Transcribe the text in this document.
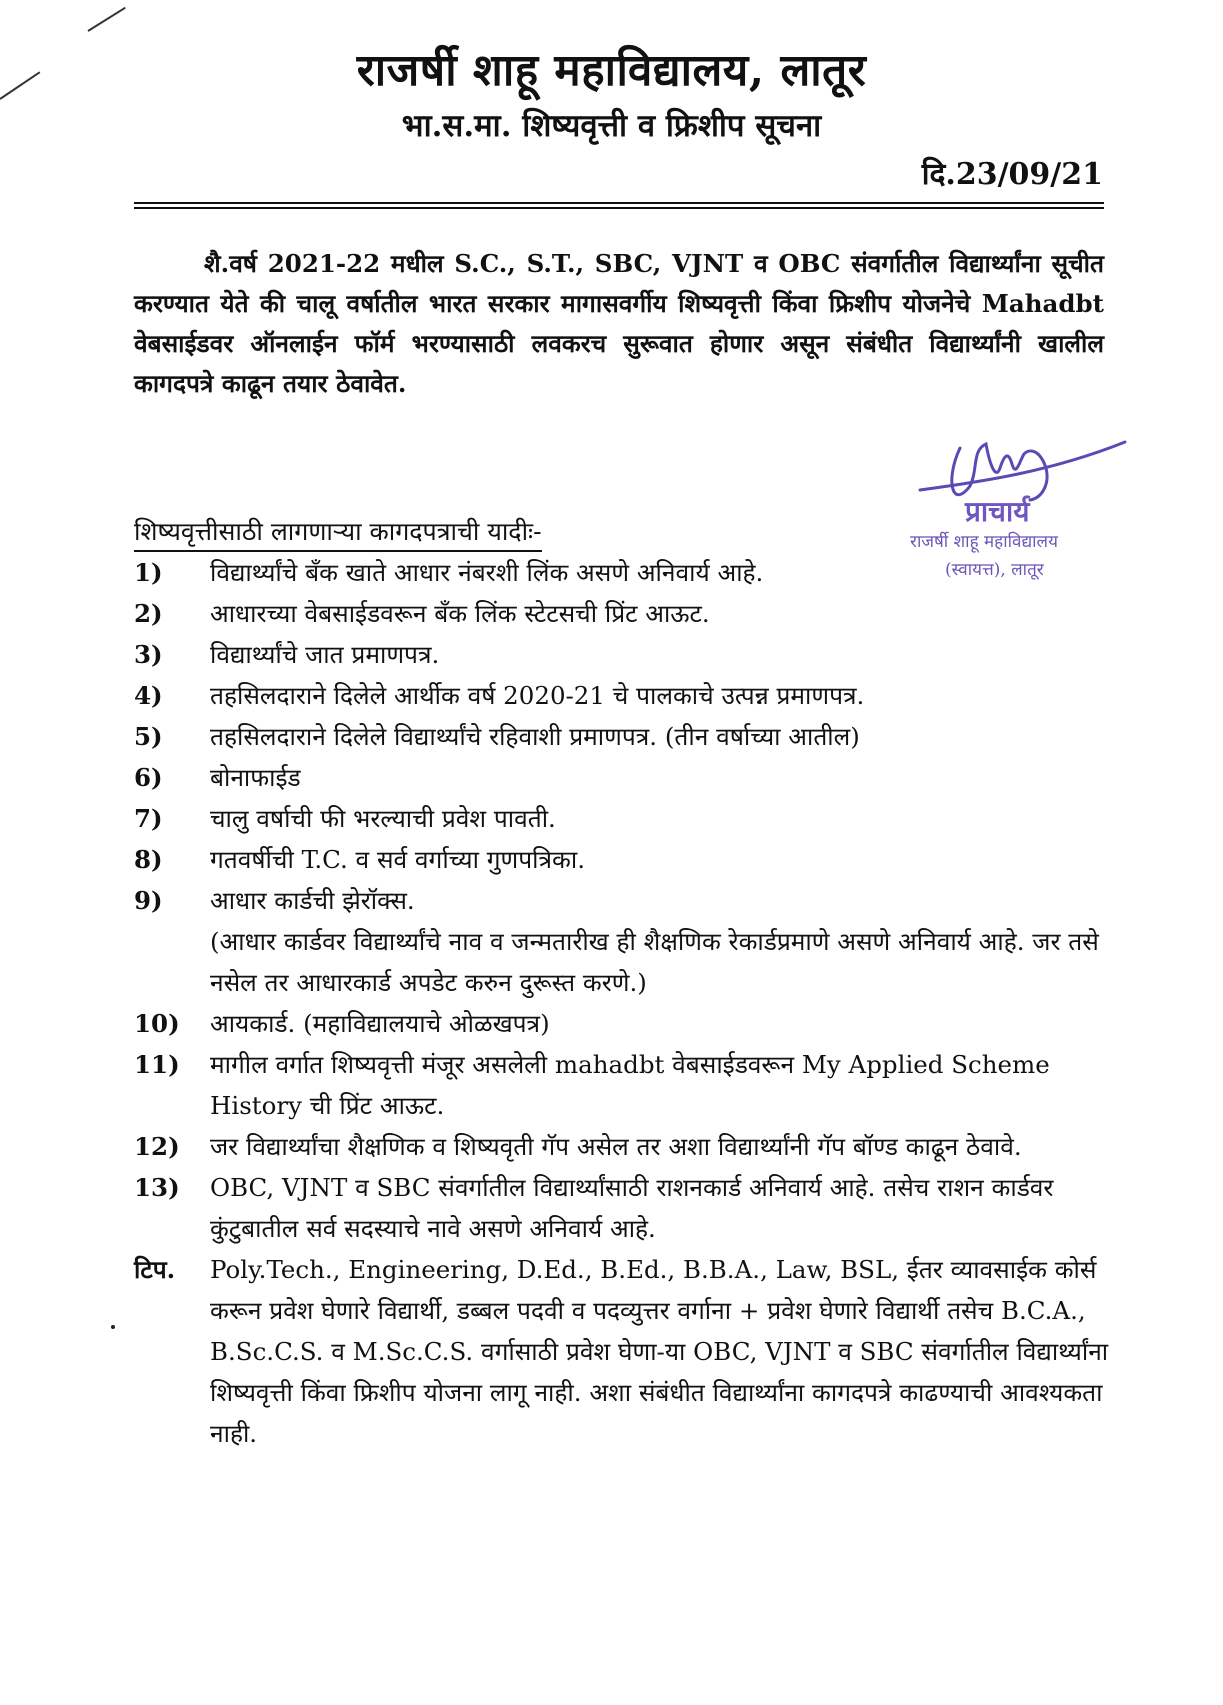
राजर्षी शाहू महाविद्यालय, लातूर
भा.स.मा. शिष्यवृत्ती व फ्रिशीप सूचना
दि.23/09/21

शै.वर्ष 2021-22 मधील S.C., S.T., SBC, VJNT व OBC संवर्गातील विद्यार्थ्यांना सूचीत करण्यात येते की चालू वर्षातील भारत सरकार मागासवर्गीय शिष्यवृत्ती किंवा फ्रिशीप योजनेचे Mahadbt वेबसाईडवर ऑनलाईन फॉर्म भरण्यासाठी लवकरच सुरूवात होणार असून संबंधीत विद्यार्थ्यांनी खालील कागदपत्रे काढून तयार ठेवावेत.

प्राचार्य
राजर्षी शाहू महाविद्यालय
(स्वायत्त), लातूर
शिष्यवृत्तीसाठी लागणाऱ्या कागदपत्राची यादीः-
1)	विद्यार्थ्यांचे बँक खाते आधार नंबरशी लिंक असणे अनिवार्य आहे.
2)	आधारच्या वेबसाईडवरून बँक लिंक स्टेटसची प्रिंट आऊट.
3)	विद्यार्थ्यांचे जात प्रमाणपत्र.
4)	तहसिलदाराने दिलेले आर्थीक वर्ष 2020-21 चे पालकाचे उत्पन्न प्रमाणपत्र.
5)	तहसिलदाराने दिलेले विद्यार्थ्यांचे रहिवाशी प्रमाणपत्र. (तीन वर्षाच्या आतील)
6)	बोनाफाईड
7)	चालु वर्षाची फी भरल्याची प्रवेश पावती.
8)	गतवर्षीची T.C. व सर्व वर्गाच्या गुणपत्रिका.
9)	आधार कार्डची झेरॉक्स.
(आधार कार्डवर विद्यार्थ्यांचे नाव व जन्मतारीख ही शैक्षणिक रेकार्डप्रमाणे असणे अनिवार्य आहे. जर तसे नसेल तर आधारकार्ड अपडेट करुन दुरूस्त करणे.)
10)	आयकार्ड. (महाविद्यालयाचे ओळखपत्र)
11)	मागील वर्गात शिष्यवृत्ती मंजूर असलेली mahadbt वेबसाईडवरून My Applied Scheme History ची प्रिंट आऊट.
12)	जर विद्यार्थ्यांचा शैक्षणिक व शिष्यवृती गॅप असेल तर अशा विद्यार्थ्यांनी गॅप बॉण्ड काढून ठेवावे.
13)	OBC, VJNT व SBC संवर्गातील विद्यार्थ्यांसाठी राशनकार्ड अनिवार्य आहे. तसेच राशन कार्डवर कुंटुबातील सर्व सदस्याचे नावे असणे अनिवार्य आहे.
टिप.	Poly.Tech., Engineering, D.Ed., B.Ed., B.B.A., Law, BSL, ईतर व्यावसाईक कोर्स करून प्रवेश घेणारे विद्यार्थी, डब्बल पदवी व पदव्युत्तर वर्गाना + प्रवेश घेणारे विद्यार्थी तसेच B.C.A., B.Sc.C.S. व M.Sc.C.S. वर्गासाठी प्रवेश घेणा-या OBC, VJNT व SBC संवर्गातील विद्यार्थ्यांना शिष्यवृत्ती किंवा फ्रिशीप योजना लागू नाही. अशा संबंधीत विद्यार्थ्यांना कागदपत्रे काढण्याची आवश्यकता नाही.
